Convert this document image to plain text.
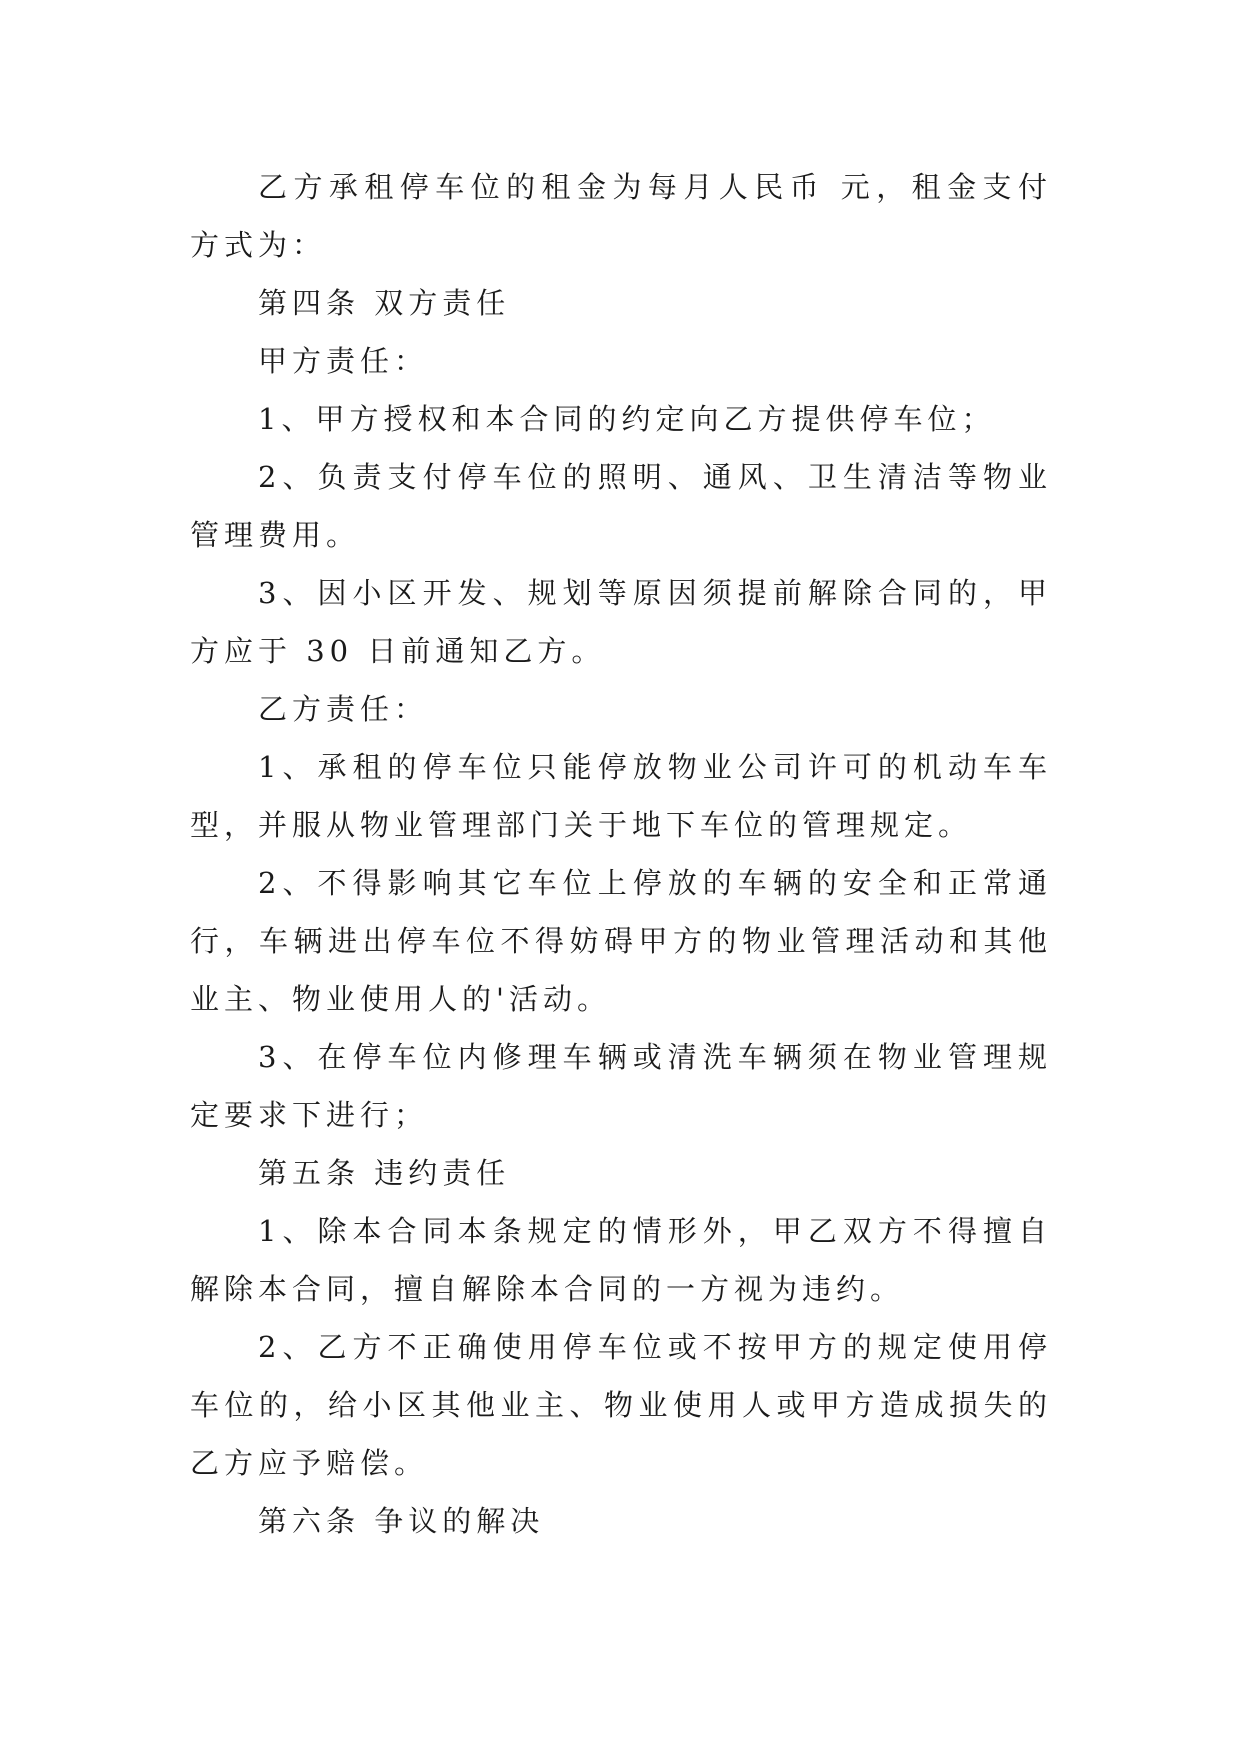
乙方承租停车位的租金为每月人民币 元，租金支付方式为：

第四条 双方责任

甲方责任：

1、甲方授权和本合同的约定向乙方提供停车位；

2、负责支付停车位的照明、通风、卫生清洁等物业管理费用。

3、因小区开发、规划等原因须提前解除合同的，甲方应于 30 日前通知乙方。

乙方责任：

1、承租的停车位只能停放物业公司许可的机动车车型，并服从物业管理部门关于地下车位的管理规定。

2、不得影响其它车位上停放的车辆的安全和正常通行，车辆进出停车位不得妨碍甲方的物业管理活动和其他业主、物业使用人的'活动。

3、在停车位内修理车辆或清洗车辆须在物业管理规定要求下进行；

第五条 违约责任

1、除本合同本条规定的情形外，甲乙双方不得擅自解除本合同，擅自解除本合同的一方视为违约。

2、乙方不正确使用停车位或不按甲方的规定使用停车位的，给小区其他业主、物业使用人或甲方造成损失的乙方应予赔偿。

第六条 争议的解决
